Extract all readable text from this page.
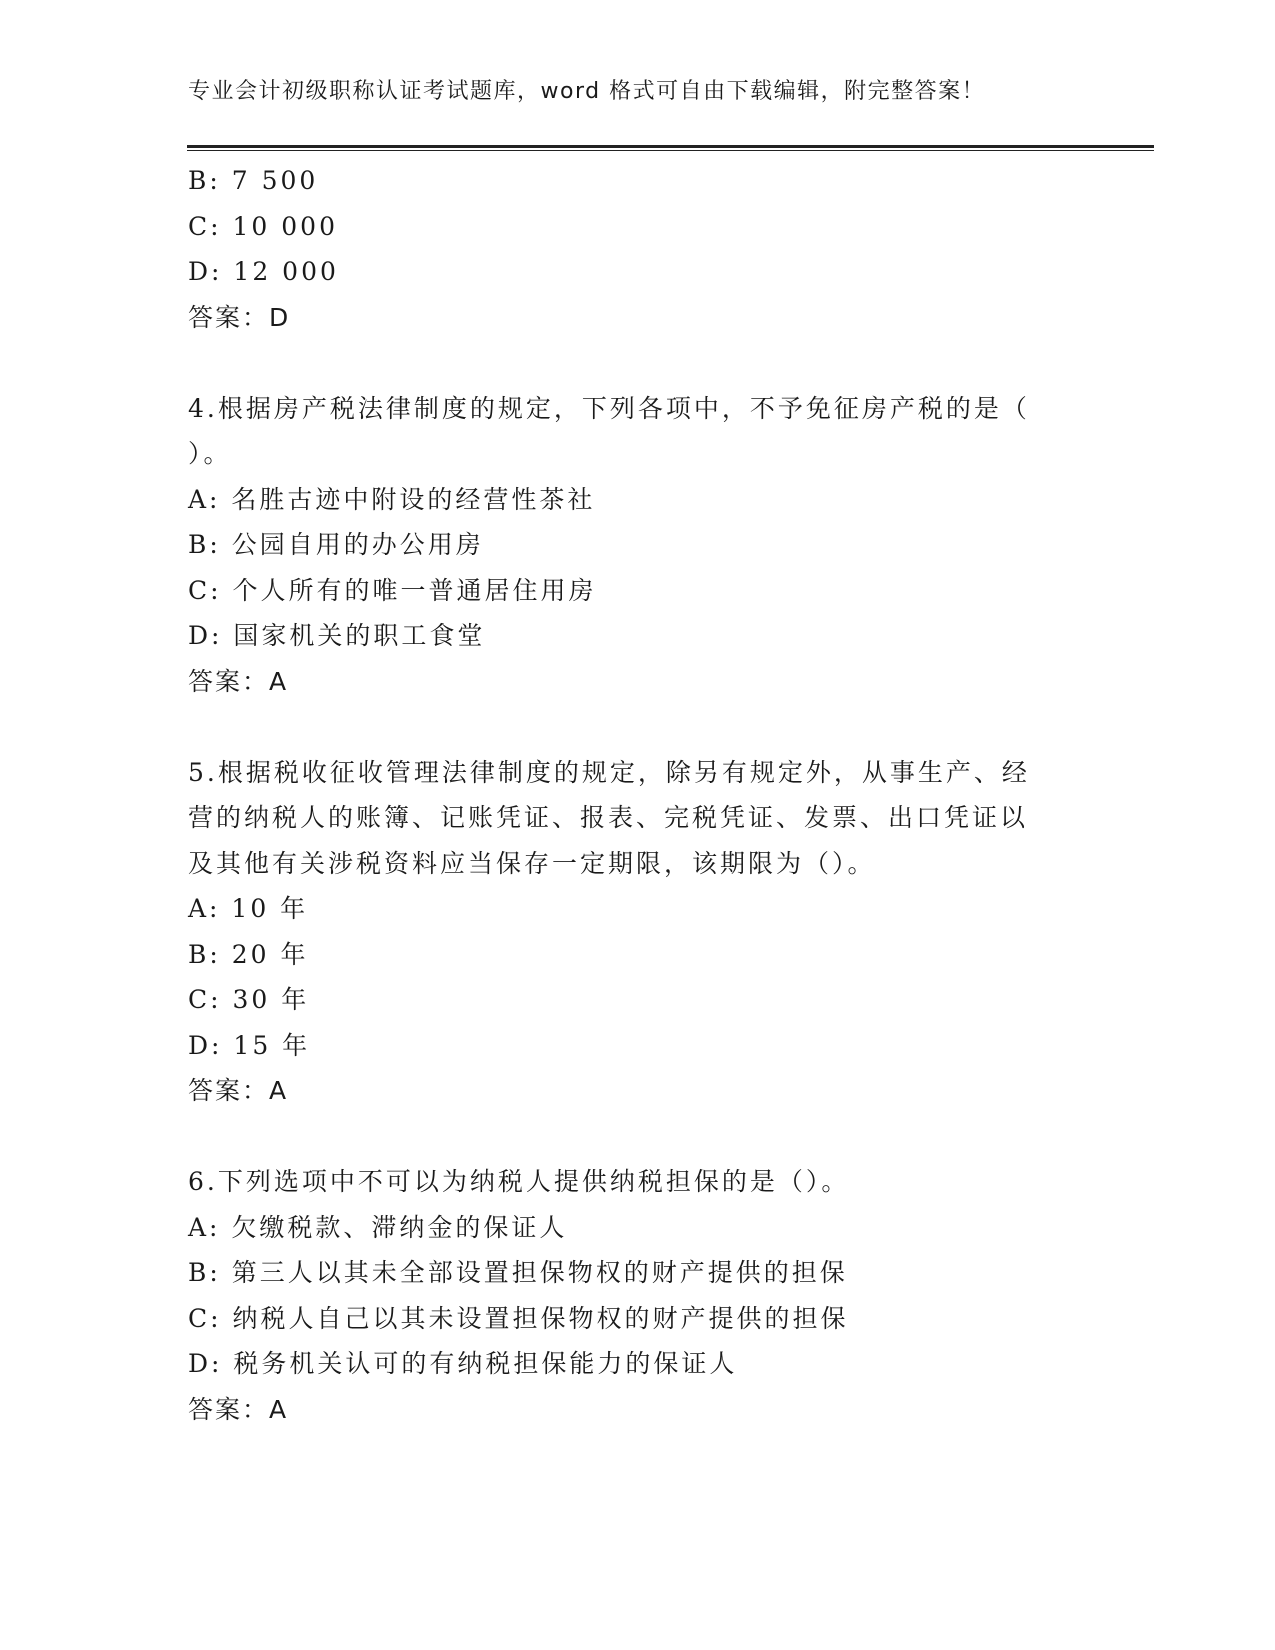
专业会计初级职称认证考试题库，word 格式可自由下载编辑，附完整答案！
B: 7 500
C: 10 000
D: 12 000
答案：D
4.根据房产税法律制度的规定，下列各项中，不予免征房产税的是（
）。
A: 名胜古迹中附设的经营性茶社
B: 公园自用的办公用房
C: 个人所有的唯一普通居住用房
D: 国家机关的职工食堂
答案：A
5.根据税收征收管理法律制度的规定，除另有规定外，从事生产、经
营的纳税人的账簿、记账凭证、报表、完税凭证、发票、出口凭证以
及其他有关涉税资料应当保存一定期限，该期限为（）。
A: 10 年
B: 20 年
C: 30 年
D: 15 年
答案：A
6.下列选项中不可以为纳税人提供纳税担保的是（）。
A: 欠缴税款、滞纳金的保证人
B: 第三人以其未全部设置担保物权的财产提供的担保
C: 纳税人自己以其未设置担保物权的财产提供的担保
D: 税务机关认可的有纳税担保能力的保证人
答案：A
